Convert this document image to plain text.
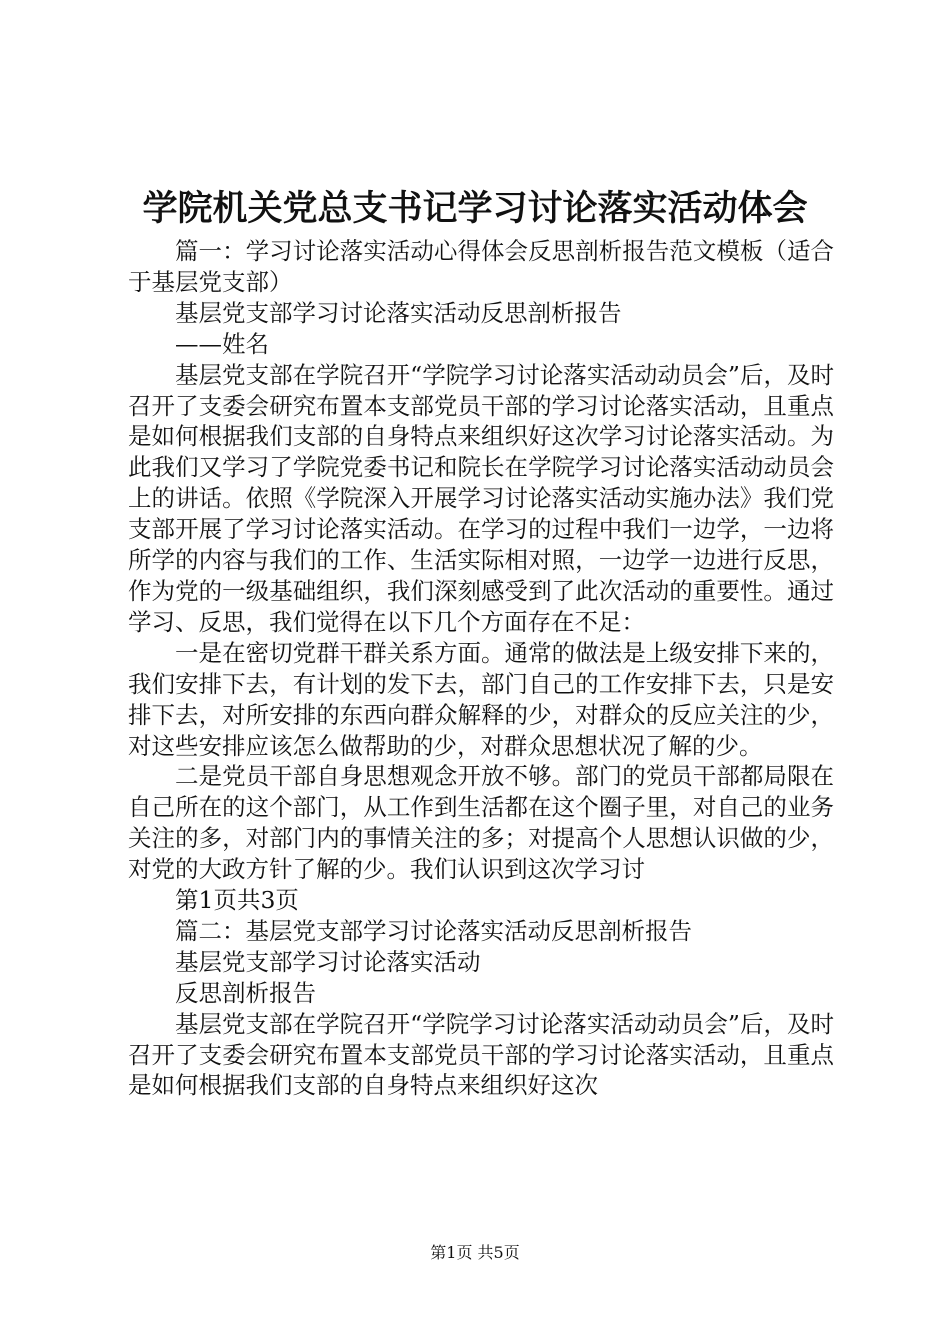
学院机关党总支书记学习讨论落实活动体会

篇一：学习讨论落实活动心得体会反思剖析报告范文模板（适合于基层党支部）

基层党支部学习讨论落实活动反思剖析报告

——姓名

基层党支部在学院召开“学院学习讨论落实活动动员会”后，及时召开了支委会研究布置本支部党员干部的学习讨论落实活动，且重点是如何根据我们支部的自身特点来组织好这次学习讨论落实活动。为此我们又学习了学院党委书记和院长在学院学习讨论落实活动动员会上的讲话。依照《学院深入开展学习讨论落实活动实施办法》我们党支部开展了学习讨论落实活动。在学习的过程中我们一边学，一边将所学的内容与我们的工作、生活实际相对照，一边学一边进行反思，作为党的一级基础组织，我们深刻感受到了此次活动的重要性。通过学习、反思，我们觉得在以下几个方面存在不足：

一是在密切党群干群关系方面。通常的做法是上级安排下来的，我们安排下去，有计划的发下去，部门自己的工作安排下去，只是安排下去，对所安排的东西向群众解释的少，对群众的反应关注的少，对这些安排应该怎么做帮助的少，对群众思想状况了解的少。

二是党员干部自身思想观念开放不够。部门的党员干部都局限在自己所在的这个部门，从工作到生活都在这个圈子里，对自己的业务关注的多，对部门内的事情关注的多；对提高个人思想认识做的少，对党的大政方针了解的少。我们认识到这次学习讨

第1页共3页

篇二：基层党支部学习讨论落实活动反思剖析报告

基层党支部学习讨论落实活动

反思剖析报告

基层党支部在学院召开“学院学习讨论落实活动动员会”后，及时召开了支委会研究布置本支部党员干部的学习讨论落实活动，且重点是如何根据我们支部的自身特点来组织好这次

第1页 共5页
